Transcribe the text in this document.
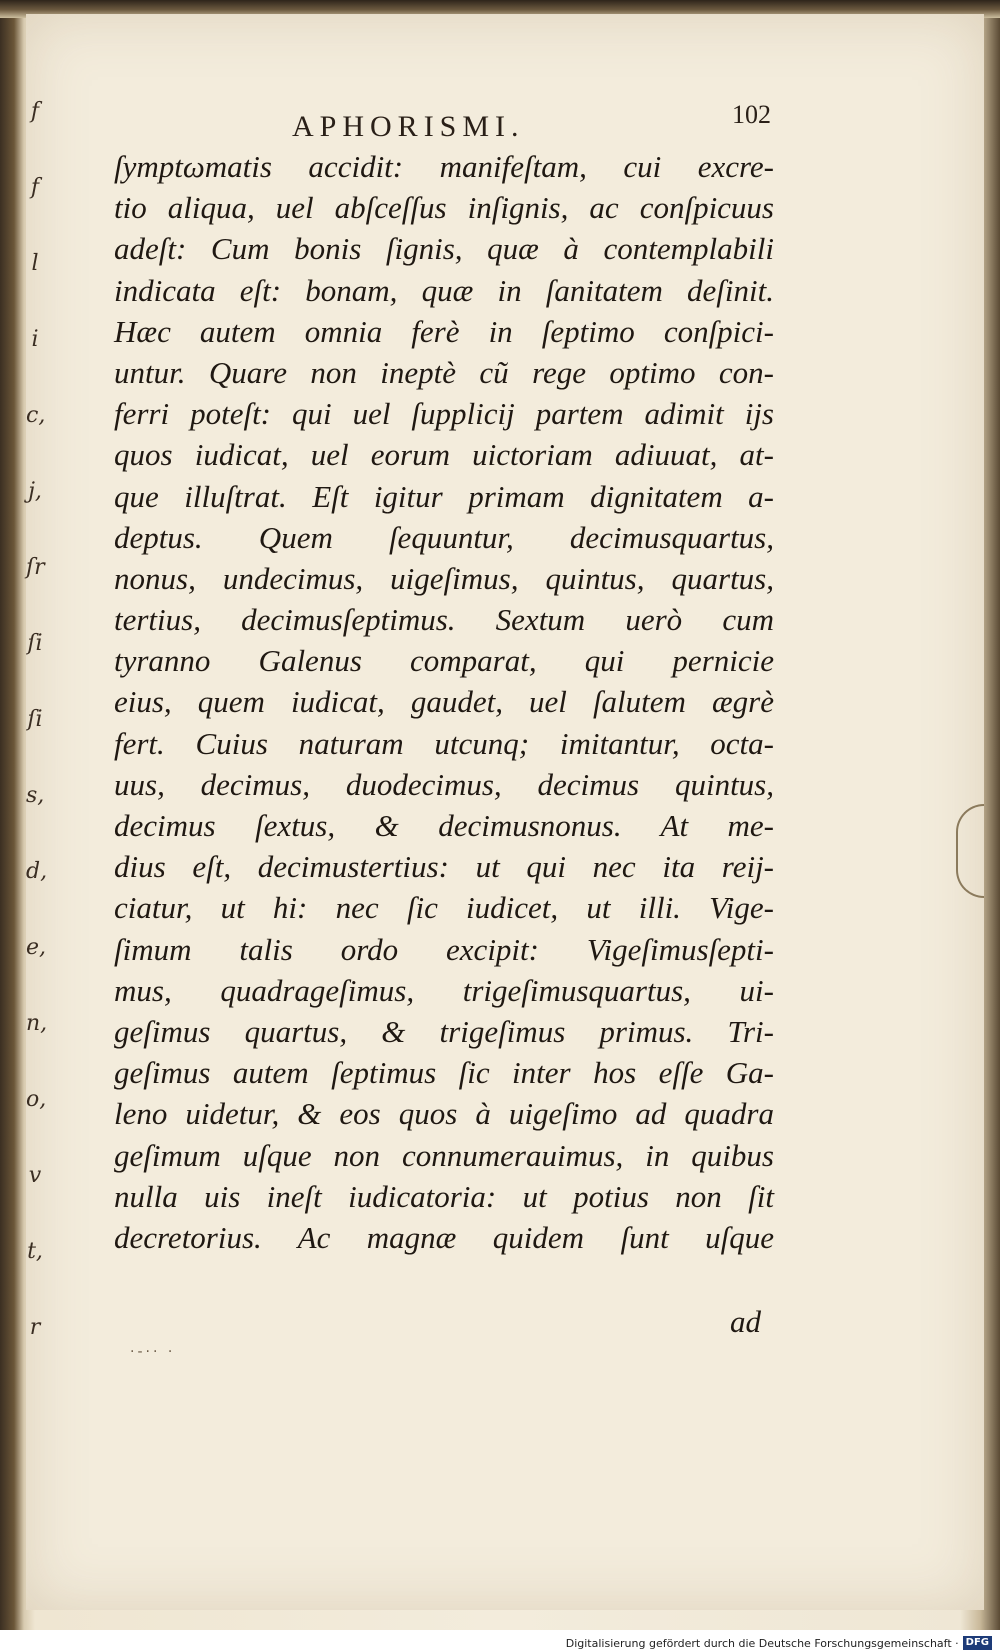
f
f
l
i
c,
j,
ſr
ſi
ſi
s,
d,
e,
n,
o,
v
t,
r
APHORISMI.	102
ſymptωmatis accidit: manifeſtam, cui excre-
tio aliqua, uel abſceſſus inſignis, ac conſpicuus
adeſt: Cum bonis ſignis, quæ à contemplabili
indicata eſt: bonam, quæ in ſanitatem deſinit.
Hæc autem omnia ferè in ſeptimo conſpici-
untur. Quare non ineptè cũ rege optimo con-
ferri poteſt: qui uel ſupplicij partem adimit ijs
quos iudicat, uel eorum uictoriam adiuuat, at-
que illuſtrat. Eſt igitur primam dignitatem a-
deptus. Quem ſequuntur, decimusquartus,
nonus, undecimus, uigeſimus, quintus, quartus,
tertius, decimusſeptimus. Sextum uerò cum
tyranno Galenus comparat, qui pernicie
eius, quem iudicat, gaudet, uel ſalutem ægrè
fert. Cuius naturam utcunq; imitantur, octa-
uus, decimus, duodecimus, decimus quintus,
decimus ſextus, & decimusnonus. At me-
dius eſt, decimustertius: ut qui nec ita reij-
ciatur, ut hi: nec ſic iudicet, ut illi. Vige-
ſimum talis ordo excipit: Vigeſimusſepti-
mus, quadrageſimus, trigeſimusquartus, ui-
geſimus quartus, & trigeſimus primus. Tri-
geſimus autem ſeptimus ſic inter hos eſſe Ga-
leno uidetur, & eos quos à uigeſimo ad quadra
geſimum uſque non connumerauimus, in quibus
nulla uis ineſt iudicatoria: ut potius non ſit
decretorius. Ac magnæ quidem ſunt uſque
ad
·-·· ·
Digitalisierung gefördert durch die Deutsche Forschungsgemeinschaft · DFG
